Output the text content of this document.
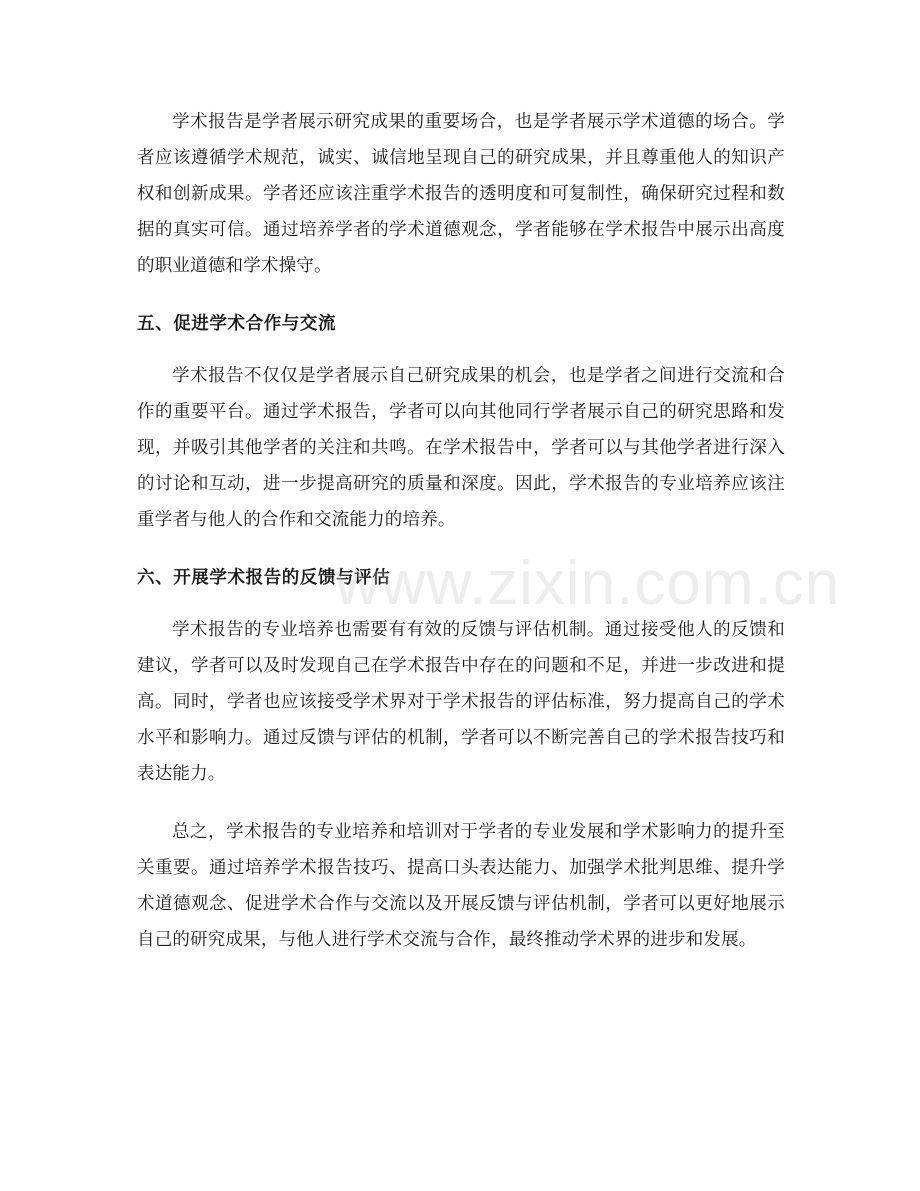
学术报告是学者展示研究成果的重要场合，也是学者展示学术道德的场合。学者应该遵循学术规范，诚实、诚信地呈现自己的研究成果，并且尊重他人的知识产权和创新成果。学者还应该注重学术报告的透明度和可复制性，确保研究过程和数据的真实可信。通过培养学者的学术道德观念，学者能够在学术报告中展示出高度的职业道德和学术操守。

五、促进学术合作与交流

学术报告不仅仅是学者展示自己研究成果的机会，也是学者之间进行交流和合作的重要平台。通过学术报告，学者可以向其他同行学者展示自己的研究思路和发现，并吸引其他学者的关注和共鸣。在学术报告中，学者可以与其他学者进行深入的讨论和互动，进一步提高研究的质量和深度。因此，学术报告的专业培养应该注重学者与他人的合作和交流能力的培养。

六、开展学术报告的反馈与评估

学术报告的专业培养也需要有有效的反馈与评估机制。通过接受他人的反馈和建议，学者可以及时发现自己在学术报告中存在的问题和不足，并进一步改进和提高。同时，学者也应该接受学术界对于学术报告的评估标准，努力提高自己的学术水平和影响力。通过反馈与评估的机制，学者可以不断完善自己的学术报告技巧和表达能力。

总之，学术报告的专业培养和培训对于学者的专业发展和学术影响力的提升至关重要。通过培养学术报告技巧、提高口头表达能力、加强学术批判思维、提升学术道德观念、促进学术合作与交流以及开展反馈与评估机制，学者可以更好地展示自己的研究成果，与他人进行学术交流与合作，最终推动学术界的进步和发展。

www.zixin.com.cn
